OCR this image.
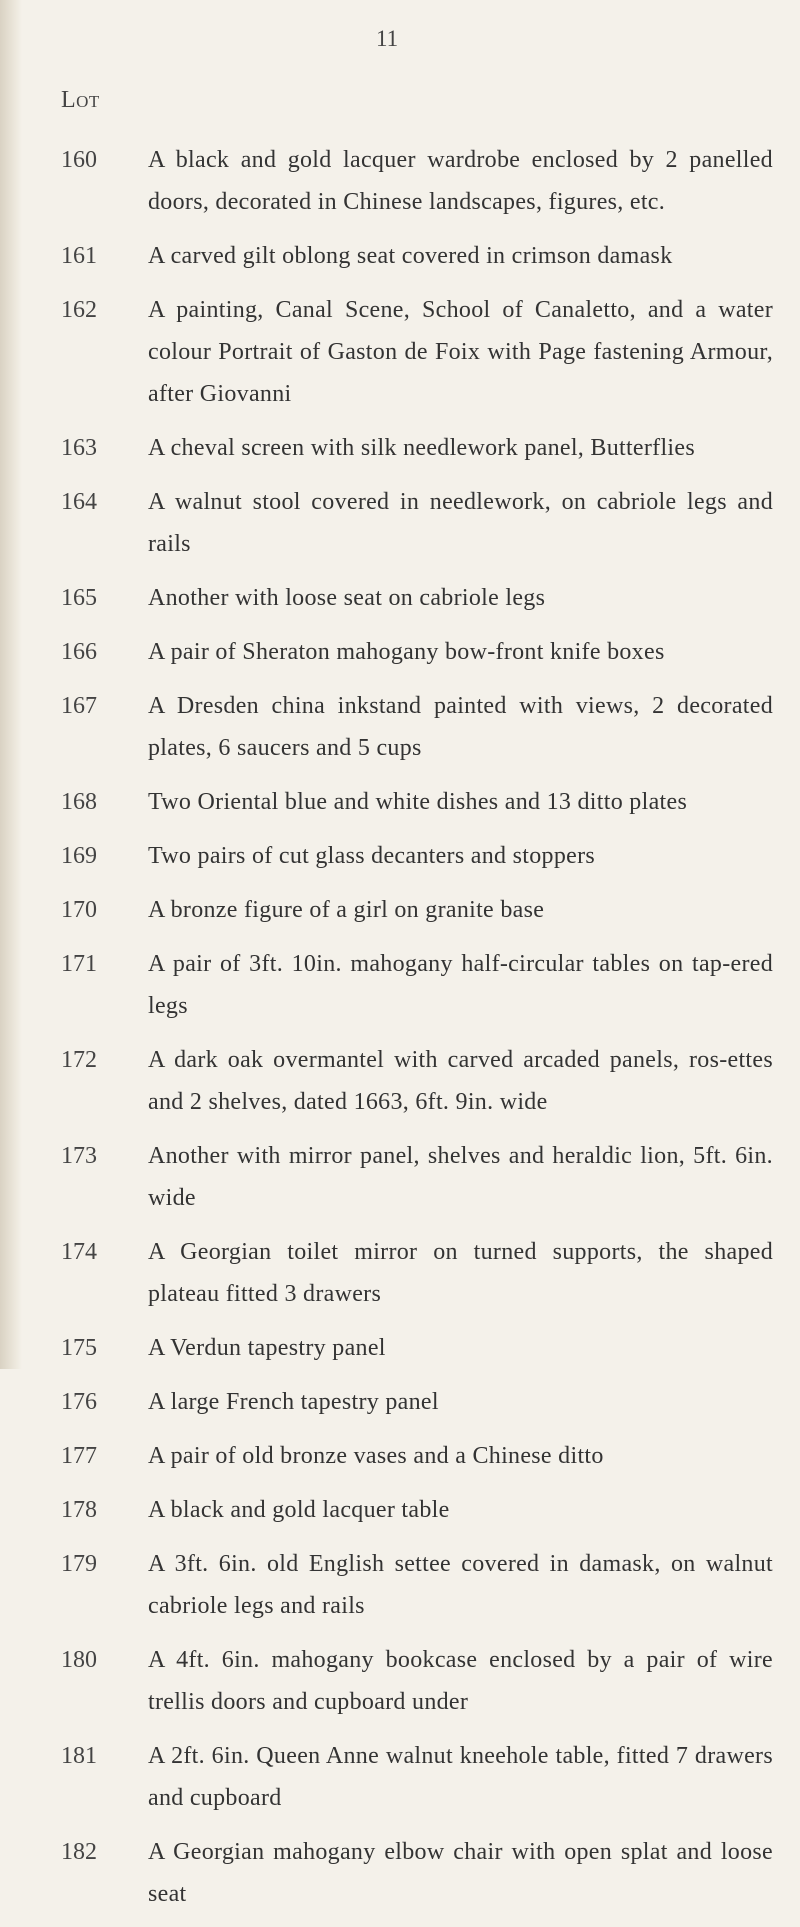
11
Lot
160	A black and gold lacquer wardrobe enclosed by 2 panelled doors, decorated in Chinese landscapes, figures, etc.
161	A carved gilt oblong seat covered in crimson damask
162	A painting, Canal Scene, School of Canaletto, and a water colour Portrait of Gaston de Foix with Page fastening Armour, after Giovanni
163	A cheval screen with silk needlework panel, Butterflies
164	A walnut stool covered in needlework, on cabriole legs and rails
165	Another with loose seat on cabriole legs
166	A pair of Sheraton mahogany bow-front knife boxes
167	A Dresden china inkstand painted with views, 2 decorated plates, 6 saucers and 5 cups
168	Two Oriental blue and white dishes and 13 ditto plates
169	Two pairs of cut glass decanters and stoppers
170	A bronze figure of a girl on granite base
171	A pair of 3ft. 10in. mahogany half-circular tables on tap-ered legs
172	A dark oak overmantel with carved arcaded panels, ros-ettes and 2 shelves, dated 1663, 6ft. 9in. wide
173	Another with mirror panel, shelves and heraldic lion, 5ft. 6in. wide
174	A Georgian toilet mirror on turned supports, the shaped plateau fitted 3 drawers
175	A Verdun tapestry panel
176	A large French tapestry panel
177	A pair of old bronze vases and a Chinese ditto
178	A black and gold lacquer table
179	A 3ft. 6in. old English settee covered in damask, on walnut cabriole legs and rails
180	A 4ft. 6in. mahogany bookcase enclosed by a pair of wire trellis doors and cupboard under
181	A 2ft. 6in. Queen Anne walnut kneehole table, fitted 7 drawers and cupboard
182	A Georgian mahogany elbow chair with open splat and loose seat
